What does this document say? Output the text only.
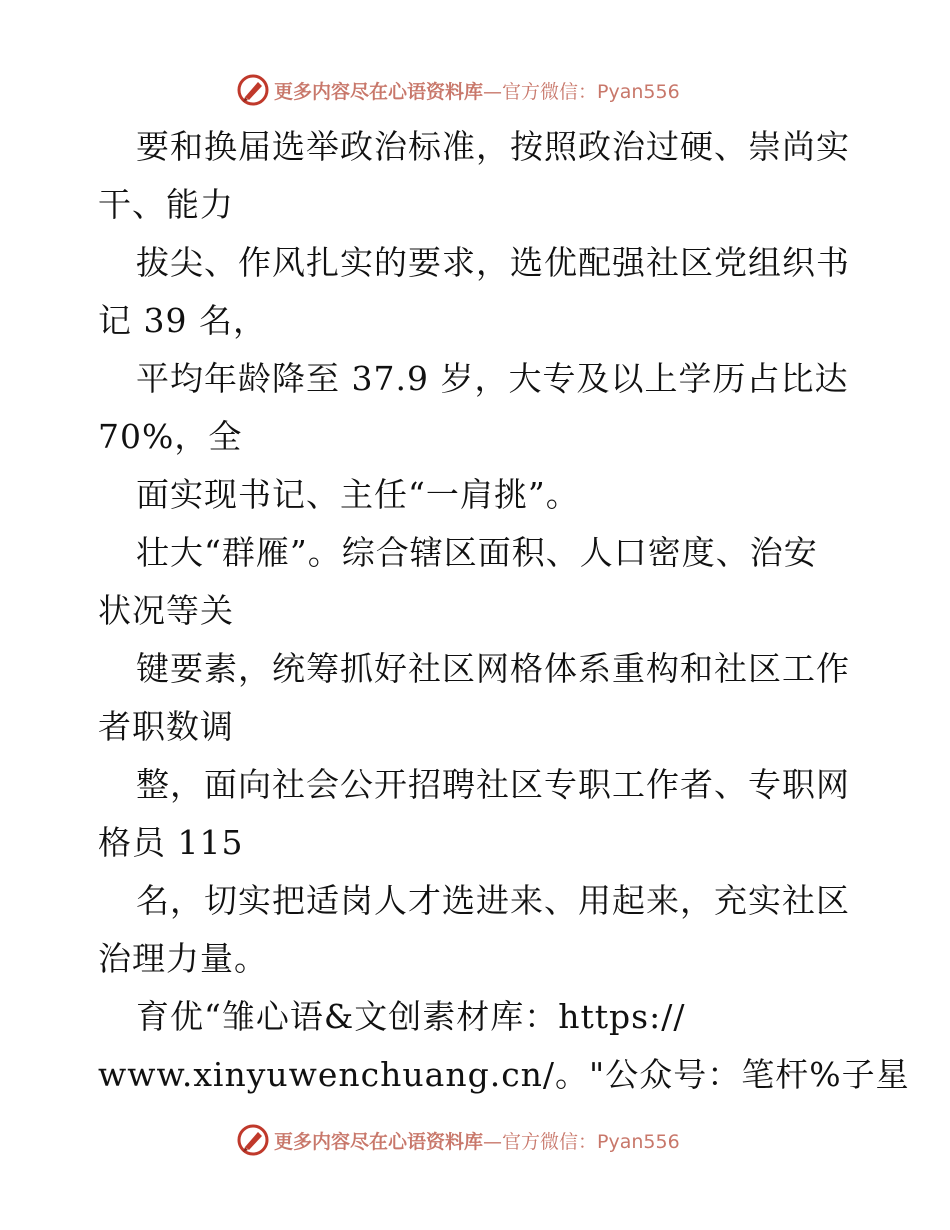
更多内容尽在心语资料库—官方微信：Pyan556
要和换届选举政治标准，按照政治过硬、崇尚实
干、能力
拔尖、作风扎实的要求，选优配强社区党组织书
记 39 名，
平均年龄降至 37.9 岁，大专及以上学历占比达
70%，全
面实现书记、主任“一肩挑”。
壮大“群雁”。综合辖区面积、人口密度、治安
状况等关
键要素，统筹抓好社区网格体系重构和社区工作
者职数调
整，面向社会公开招聘社区专职工作者、专职网
格员 115
名，切实把适岗人才选进来、用起来，充实社区
治理力量。
育优“雏心语&文创素材库：https://
www.xinyuwenchuang.cn/。"公众号：笔杆%子星
更多内容尽在心语资料库—官方微信：Pyan556
